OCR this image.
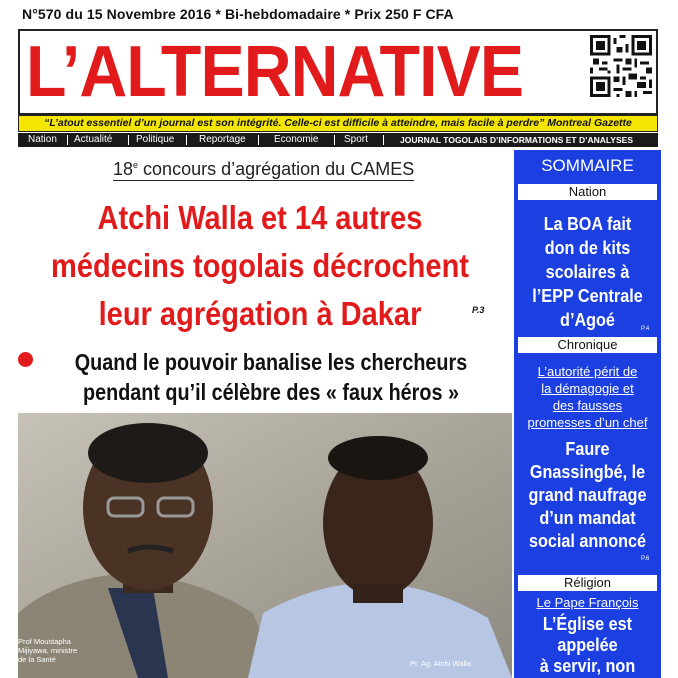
N°570 du 15 Novembre 2016 * Bi-hebdomadaire * Prix 250 F CFA
L’ALTERNATIVE
“L’atout essentiel d’un journal est son intégrité. Celle-ci est difficile à atteindre, mais facile à perdre” Montreal Gazette
Nation Actualité Politique Reportage	Economie	Sport	JOURNAL TOGOLAIS D’INFORMATIONS ET D’ANALYSES
18e concours d’agrégation du CAMES
Atchi Walla et 14 autres
médecins togolais décrochent
leur agrégation à Dakar	P.3
Quand le pouvoir banalise les chercheurs
pendant qu’il célèbre des « faux héros »
Prof Moustapha Mijiyawa, ministre de la Santé	Pr. Ag. Atchi Walla
SOMMAIRE
Nation
La BOA fait
don de kits
scolaires à
l’EPP Centrale
d’Agoé	P.4
Chronique
L’autorité périt de
la démagogie et
des fausses
promesses d’un chef
Faure
Gnassingbé, le
grand naufrage
d’un mandat
social annoncé
P.6
Réligion
Le Pape François
L’Église est
appelée
à servir, non
